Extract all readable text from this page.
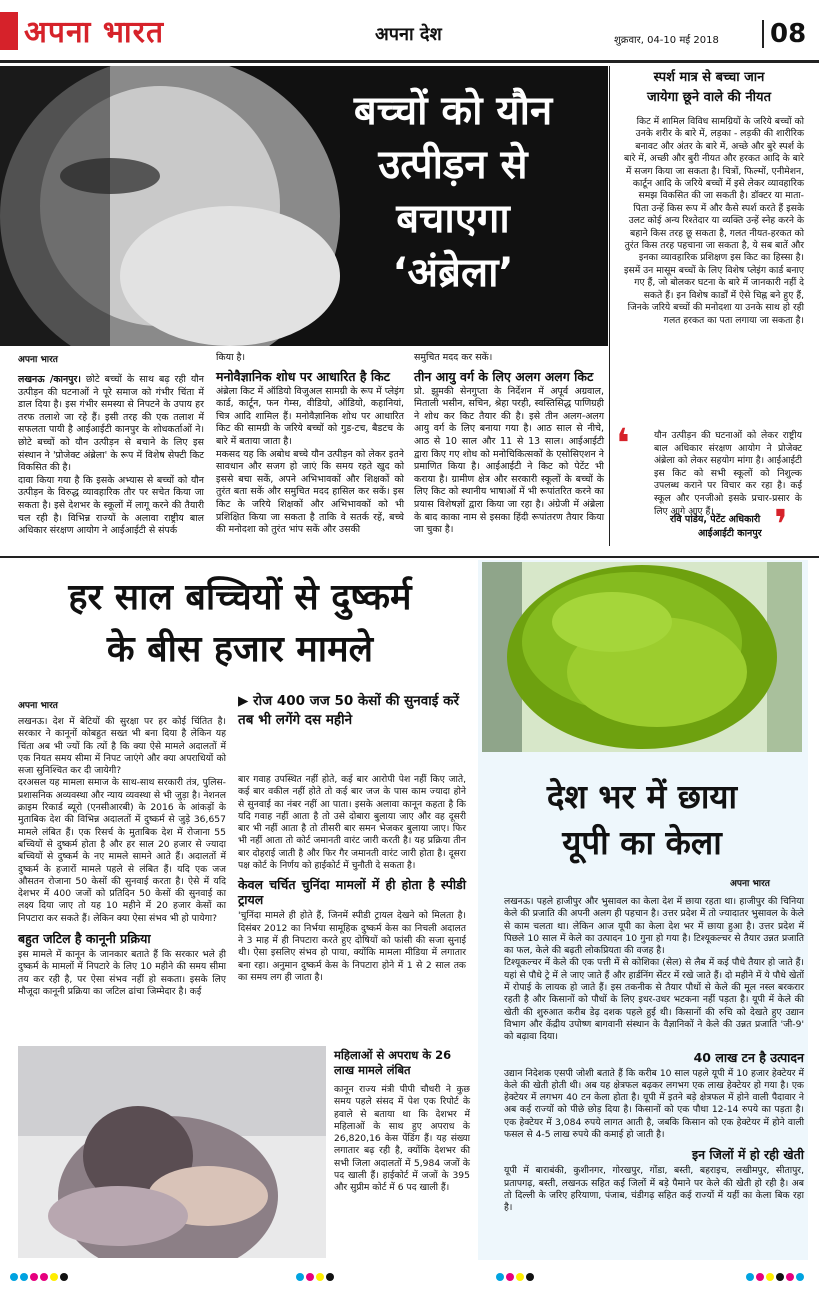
अपना भारत	अपना देश	शुक्रवार, 04-10 मई 2018	08
बच्चों को यौन
उत्पीड़न से
बचाएगा
‘अंब्रेला’
स्पर्श मात्र से बच्चा जान
जायेगा छूने वाले की नीयत
किट में शामिल विविध सामग्रियों के जरिये बच्चों को उनके शरीर के बारे में, लड़का - लड़की की शारीरिक बनावट और अंतर के बारे में, अच्छे और बुरे स्पर्श के बारे में, अच्छी और बुरी नीयत और हरकत आदि के बारे में सजग किया जा सकता है। चित्रों, फिल्मों, एनीमेशन, कार्टून आदि के जरिये बच्चों में इसे लेकर व्यावहारिक समझ विकसित की जा सकती है। डॉक्टर या माता-पिता उन्हें किस रूप में और कैसे स्पर्श करते हैं इसके उलट कोई अन्य रिश्तेदार या व्यक्ति उन्हें स्नेह करने के बहाने किस तरह छू सकता है, गलत नीयत-हरकत को तुरंत किस तरह पहचाना जा सकता है, ये सब बातें और इनका व्यावहारिक प्रशिक्षण इस किट का हिस्सा है। इसमें उन मासूम बच्चों के लिए विशेष प्लेइंग कार्ड बनाए गए हैं, जो बोलकर घटना के बारे में जानकारी नहीं दे सकते हैं। इन विशेष कार्डों में ऐसे चिह्न बने हुए हैं, जिनके जरिये बच्चों की मनोदशा या उनके साथ हो रही गलत हरकत का पता लगाया जा सकता है।
❛	यौन उत्पीड़न की घटनाओं को लेकर राष्ट्रीय बाल अधिकार संरक्षण आयोग ने प्रोजेक्ट अंब्रेला को लेकर सहयोग मांगा है। आईआईटी इस किट को सभी स्कूलों को निशुल्क उपलब्ध कराने पर विचार कर रहा है। कई स्कूल और एनजीओ इसके प्रचार-प्रसार के लिए आगे आए हैं।
रवि पांडेय, पेटेंट अधिकारी
आईआईटी कानपुर ❜
अपना भारत
लखनऊ /कानपुर। छोटे बच्चों के साथ बढ़ रही यौन उत्पीड़न की घटनाओं ने पूरे समाज को गंभीर चिंता में डाल दिया है। इस गंभीर समस्या से निपटने के उपाय हर तरफ तलाशे जा रहे हैं। इसी तरह की एक तलाश में सफलता पायी है आईआईटी कानपुर के शोधकर्ताओं ने। छोटे बच्चों को यौन उत्पीड़न से बचाने के लिए इस संस्थान ने 'प्रोजेक्ट अंब्रेला' के रूप में विशेष सेफ्टी किट विकसित की है।
दावा किया गया है कि इसके अभ्यास से बच्चों को यौन उत्पीड़न के विरुद्ध व्यावहारिक तौर पर सचेत किया जा सकता है। इसे देशभर के स्कूलों में लागू करने की तैयारी चल रही है। विभिन्न राज्यों के अलावा राष्ट्रीय बाल अधिकार संरक्षण आयोग ने आईआईटी से संपर्क
किया है।
मनोवैज्ञानिक शोध पर आधारित है किट
अंब्रेला किट में ऑडियो विजुअल सामग्री के रूप में प्लेइंग कार्ड, कार्टून, फन गेम्स, वीडियो, ऑडियो, कहानियां, चित्र आदि शामिल हैं। मनोवैज्ञानिक शोध पर आधारित किट की सामग्री के जरिये बच्चों को गुड-टच, बैडटच के बारे में बताया जाता है।
मकसद यह कि अबोध बच्चे यौन उत्पीड़न को लेकर इतने सावधान और सजग हो जाएं कि समय रहते खुद को इससे बचा सकें, अपने अभिभावकों और शिक्षकों को तुरंत बता सकें और समुचित मदद हासिल कर सकें। इस किट के जरिये शिक्षकों और अभिभावकों को भी प्रशिक्षित किया जा सकता है ताकि वे सतर्क रहें, बच्चे की मनोदशा को तुरंत भांप सकें और उसकी
समुचित मदद कर सकें।
तीन आयु वर्ग के लिए अलग अलग किट
प्रो. झुमकी सेनगुप्ता के निर्देशन में अपूर्व अग्रवाल, मिताली भसीन, सचिन, श्रेहा परही, स्वस्तिसिद्ध पाणिग्रही ने शोध कर किट तैयार की है। इसे तीन अलग-अलग आयु वर्ग के लिए बनाया गया है। आठ साल से नीचे, आठ से 10 साल और 11 से 13 साल। आईआईटी द्वारा किए गए शोध को मनोचिकित्सकों के एसोसिएशन ने प्रमाणित किया है। आईआईटी ने किट को पेटेंट भी कराया है। ग्रामीण क्षेत्र और सरकारी स्कूलों के बच्चों के लिए किट को स्थानीय भाषाओं में भी रूपांतरित करने का प्रयास विशेषज्ञों द्वारा किया जा रहा है। अंग्रेजी में अंब्रेला के बाद काका नाम से इसका हिंदी रूपांतरण तैयार किया जा चुका है।
हर साल बच्चियों से दुष्कर्म
के बीस हजार मामले
अपना भारत	▶ रोज 400 जज 50 केसों की सुनवाई करें तब भी लगेंगे दस महीने
लखनऊ। देश में बेटियों की सुरक्षा पर हर कोई चिंतित है। सरकार ने कानूनों कोबहुत सख्त भी बना दिया है लेकिन यह चिंता अब भी ज्यों कि त्यों है कि क्या ऐसे मामले अदालतों में एक नियत समय सीमा में निपट जाएंगे और क्या अपराधियों को सजा सुनिश्चित कर दी जायेगी?
दरअसल यह मामला समाज के साथ-साथ सरकारी तंत्र, पुलिस-प्रशासनिक अव्यवस्था और न्याय व्यवस्था से भी जुड़ा है। नेशनल क्राइम रिकार्ड ब्यूरो (एनसीआरबी) के 2016 के आंकड़ों के मुताबिक देश की विभिन्न अदालतों में दुष्कर्म से जुड़े 36,657 मामले लंबित हैं। एक रिसर्च के मुताबिक देश में रोजाना 55 बच्चियों से दुष्कर्म होता है और हर साल 20 हजार से ज्यादा बच्चियों से दुष्कर्म के नए मामले सामने आते हैं। अदालतों में दुष्कर्म के हजारों मामले पहले से लंबित हैं। यदि एक जज औसतन रोजाना 50 केसों की सुनवाई करता है। ऐसे में यदि देशभर में 400 जजों को प्रतिदिन 50 केसों की सुनवाई का लक्ष्य दिया जाए तो यह 10 महीने में 20 हजार केसों का निपटारा कर सकते हैं। लेकिन क्या ऐसा संभव भी हो पायेगा?
बहुत जटिल है कानूनी प्रक्रिया
इस मामले में कानून के जानकार बताते हैं कि सरकार भले ही दुष्कर्म के मामलों में निपटारे के लिए 10 महीने की समय सीमा तय कर रही है, पर ऐसा संभव नहीं हो सकता। इसके लिए मौजूदा कानूनी प्रक्रिया का जटिल ढांचा जिम्मेदार है। कई
बार गवाह उपस्थित नहीं होते, कई बार आरोपी पेश नहीं किए जाते, कई बार वकील नहीं होते तो कई बार जज के पास काम ज्यादा होने से सुनवाई का नंबर नहीं आ पाता। इसके अलावा कानून कहता है कि यदि गवाह नहीं आता है तो उसे दोबारा बुलाया जाए और वह दूसरी बार भी नहीं आता है तो तीसरी बार समन भेजकर बुलाया जाए। फिर भी नहीं आता तो कोर्ट जमानती वारंट जारी करती है। यह प्रक्रिया तीन बार दोहराई जाती है और फिर गैर जमानती वारंट जारी होता है। दूसरा पक्ष कोर्ट के निर्णय को हाईकोर्ट में चुनौती दे सकता है।
केवल चर्चित चुनिंदा मामलों में ही होता है स्पीडी ट्रायल
'चुनिंदा मामले ही होते हैं, जिनमें स्पीडी ट्रायल देखने को मिलता है। दिसंबर 2012 का निर्भया सामूहिक दुष्कर्म केस का निचली अदालत ने 3 माह में ही निपटारा करते हुए दोषियों को फांसी की सजा सुनाई थी। ऐसा इसलिए संभव हो पाया, क्योंकि मामला मीडिया में लगातार बना रहा। अनुमान दुष्कर्म केस के निपटारा होने में 1 से 2 साल तक का समय लग ही जाता है।
महिलाओं से अपराध के 26 लाख मामले लंबित
कानून राज्य मंत्री पीपी चौधरी ने कुछ समय पहले संसद में पेश एक रिपोर्ट के हवाले से बताया था कि देशभर में महिलाओं के साथ हुए अपराध के 26,820,16 केस पेंडिंग हैं। यह संख्या लगातार बढ़ रही है, क्योंकि देशभर की सभी जिला अदालतों में 5,984 जजों के पद खाली हैं। हाईकोर्ट में जजों के 395 और सुप्रीम कोर्ट में 6 पद खाली हैं।
देश भर में छाया
यूपी का केला
अपना भारत
लखनऊ। पहले हाजीपुर और भुसावल का केला देश में छाया रहता था। हाजीपुर की चिनिया केले की प्रजाति की अपनी अलग ही पहचान है। उत्तर प्रदेश में तो ज्यादातर भुसावल के केले से काम चलता था। लेकिन आज यूपी का केला देश भर में छाया हुआ है। उत्तर प्रदेश में पिछले 10 साल में केले का उत्पादन 10 गुना हो गया है। टिश्यूकल्चर से तैयार उन्नत प्रजाति का फल, केले की बढ़ती लोकप्रियता की वजह है।
टिश्यूकल्चर में केले की एक पत्ती में से कोशिका (सेल) से लैब में कई पौधे तैयार हो जाते हैं। यहां से पौधे ट्रे में ले जाए जाते हैं और हार्डनिंग सेंटर में रखे जाते हैं। दो महीने में ये पौधे खेतों में रोपाई के लायक हो जाते हैं। इस तकनीक से तैयार पौधों से केले की मूल नस्ल बरकरार रहती है और किसानों को पौधों के लिए इधर-उधर भटकना नहीं पड़ता है। यूपी में केले की खेती की शुरुआत करीब डेढ़ दशक पहले हुई थी। किसानों की रुचि को देखते हुए उद्यान विभाग और केंद्रीय उपोष्ण बागवानी संस्थान के वैज्ञानिकों ने केले की उन्नत प्रजाति 'जी-9' को बढ़ावा दिया।
40 लाख टन है उत्पादन
उद्यान निदेशक एसपी जोशी बताते हैं कि करीब 10 साल पहले यूपी में 10 हजार हेक्टेयर में केले की खेती होती थी। अब यह क्षेत्रफल बढ़कर लगभग एक लाख हेक्टेयर हो गया है। एक हेक्टेयर में लगभग 40 टन केला होता है। यूपी में इतने बड़े क्षेत्रफल में होने वाली पैदावार ने अब कई राज्यों को पीछे छोड़ दिया है। किसानों को एक पौधा 12-14 रुपये का पड़ता है। एक हेक्टेयर में 3,084 रुपये लागत आती है, जबकि किसान को एक हेक्टेयर में होने वाली फसल से 4-5 लाख रुपये की कमाई हो जाती है।
इन जिलों में हो रही खेती
यूपी में बाराबंकी, कुशीनगर, गोरखपुर, गोंडा, बस्ती, बहराइच, लखीमपुर, सीतापुर, प्रतापगढ़, बस्ती, लखनऊ सहित कई जिलों में बड़े पैमाने पर केले की खेती हो रही है। अब तो दिल्ली के जरिए हरियाणा, पंजाब, चंडीगढ़ सहित कई राज्यों में यहीं का केला बिक रहा है।
